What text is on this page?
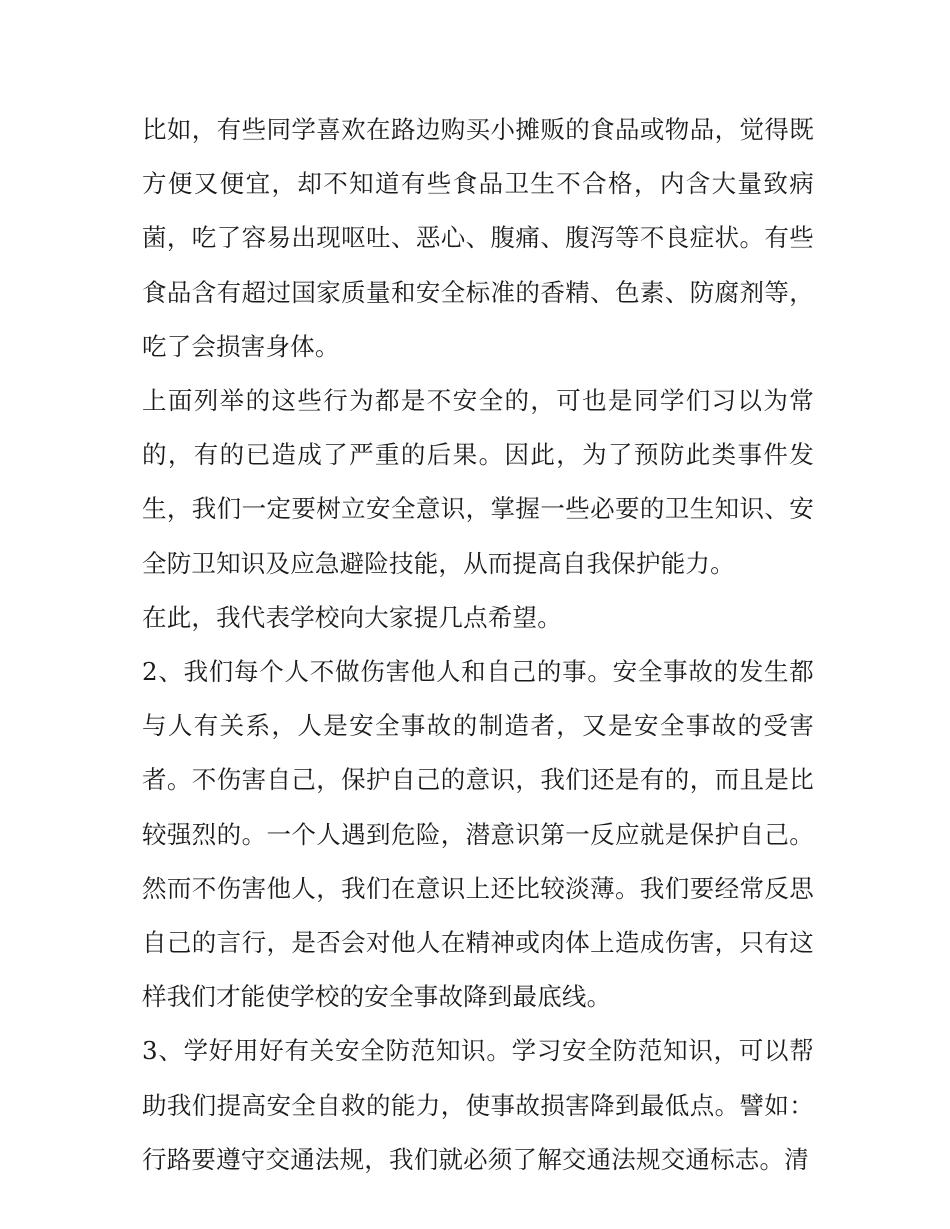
比如，有些同学喜欢在路边购买小摊贩的食品或物品，觉得既方便又便宜，却不知道有些食品卫生不合格，内含大量致病菌，吃了容易出现呕吐、恶心、腹痛、腹泻等不良症状。有些食品含有超过国家质量和安全标准的香精、色素、防腐剂等，吃了会损害身体。

上面列举的这些行为都是不安全的，可也是同学们习以为常的，有的已造成了严重的后果。因此，为了预防此类事件发生，我们一定要树立安全意识，掌握一些必要的卫生知识、安全防卫知识及应急避险技能，从而提高自我保护能力。

在此，我代表学校向大家提几点希望。

2、我们每个人不做伤害他人和自己的事。安全事故的发生都与人有关系，人是安全事故的制造者，又是安全事故的受害者。不伤害自己，保护自己的意识，我们还是有的，而且是比较强烈的。一个人遇到危险，潜意识第一反应就是保护自己。然而不伤害他人，我们在意识上还比较淡薄。我们要经常反思自己的言行，是否会对他人在精神或肉体上造成伤害，只有这样我们才能使学校的安全事故降到最底线。

3、学好用好有关安全防范知识。学习安全防范知识，可以帮助我们提高安全自救的能力，使事故损害降到最低点。譬如：行路要遵守交通法规，我们就必须了解交通法规交通标志。清
